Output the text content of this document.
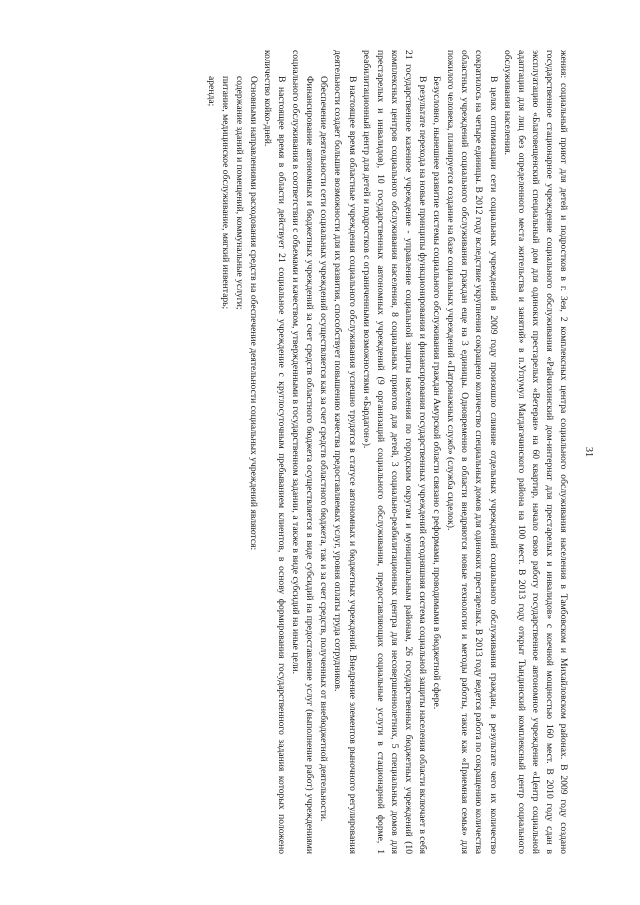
31

жения: социальный приют для детей и подростков в г. Зея, 2 комплексных центра социального обслуживания населения в Тамбовском и Михайловском районах. В 2009 году создано государственное стационарное учреждение социального обслуживания «Райчихинский дом-интернат для престарелых и инвалидов» с коечной мощностью 160 мест. В 2010 году сдан в эксплуатацию «Благовещенский специальный дом для одиноких престарелых «Ветеран» на 60 квартир, начало свою работу государственное автономное учреждение «Центр социальной адаптации для лиц без определенного места жительства и занятий» в п.Углумул Магдагачинского района на 100 мест. В 2013 году открыт Тындинский комплексный центр социального обслуживания населения.

В целях оптимизации сети социальных учреждений в 2009 году произошло слияние отдельных учреждений социального обслуживания граждан, в результате чего их количество сократилось на четыре единицы. В 2012 году вследствие укрупнения сокращено количество специальных домов для одиноких престарелых. В 2013 году ведется работа по сокращению количества областных учреждений социального обслуживания граждан еще на 3 единицы. Одновременно в области внедряются новые технологии и методы работы, такие как «Приемная семья» для пожилого человека, планируется создание на базе социальных учреждений «Патронажных служб» (служба сиделок).

Безусловно, нынешнее развитие системы социального обслуживания граждан Амурской области связано с реформами, проводимыми в бюджетной сфере.

В результате перехода на новые принципы функционирования и финансирования государственных учреждений сегодняшняя система социальной защиты населения области включает в себя 21 государственное казенное учреждение - управление социальной защиты населения по городским округам и муниципальным районам, 26 государственных бюджетных учреждений (10 комплексных центров социального обслуживания населения, 8 социальных приютов для детей, 3 социально-реабилитационных центра для несовершеннолетних, 5 специальных домов для престарелых и инвалидов), 10 государственных автономных учреждений (9 организаций социального обслуживания, предоставляющих социальные услуги в стационарной форме, 1 реабилитационный центр для детей и подростков с ограниченными возможностями «Бардагон»).

В настоящее время областные учреждения социального обслуживания успешно трудятся в статусе автономных и бюджетных учреждений. Внедрение элементов рыночного регулирования деятельности создает большие возможности для их развития, способствует повышению качества предоставляемых услуг, уровня оплаты труда сотрудников.

Обеспечение деятельности сети социальных учреждений осуществляется как за счет средств областного бюджета, так и за счет средств, полученных от внебюджетной деятельности.

Финансирование автономных и бюджетных учреждений за счет средств областного бюджета осуществляется в виде субсидий на предоставление услуг (выполнение работ) учреждениями социального обслуживания в соответствии с объемами и качеством, утвержденными в государственном задании, а также в виде субсидий на иные цели.

В настоящее время в области действует 21 социальное учреждение с круглосуточным пребыванием клиентов, в основу формирования государственного задания которых положено количество койко-дней.

Основными направлениями расходования средств на обеспечение деятельности социальных учреждений являются:

содержание зданий и помещений, коммунальные услуги;

питание, медицинское обслуживание, мягкий инвентарь;

аренда;
